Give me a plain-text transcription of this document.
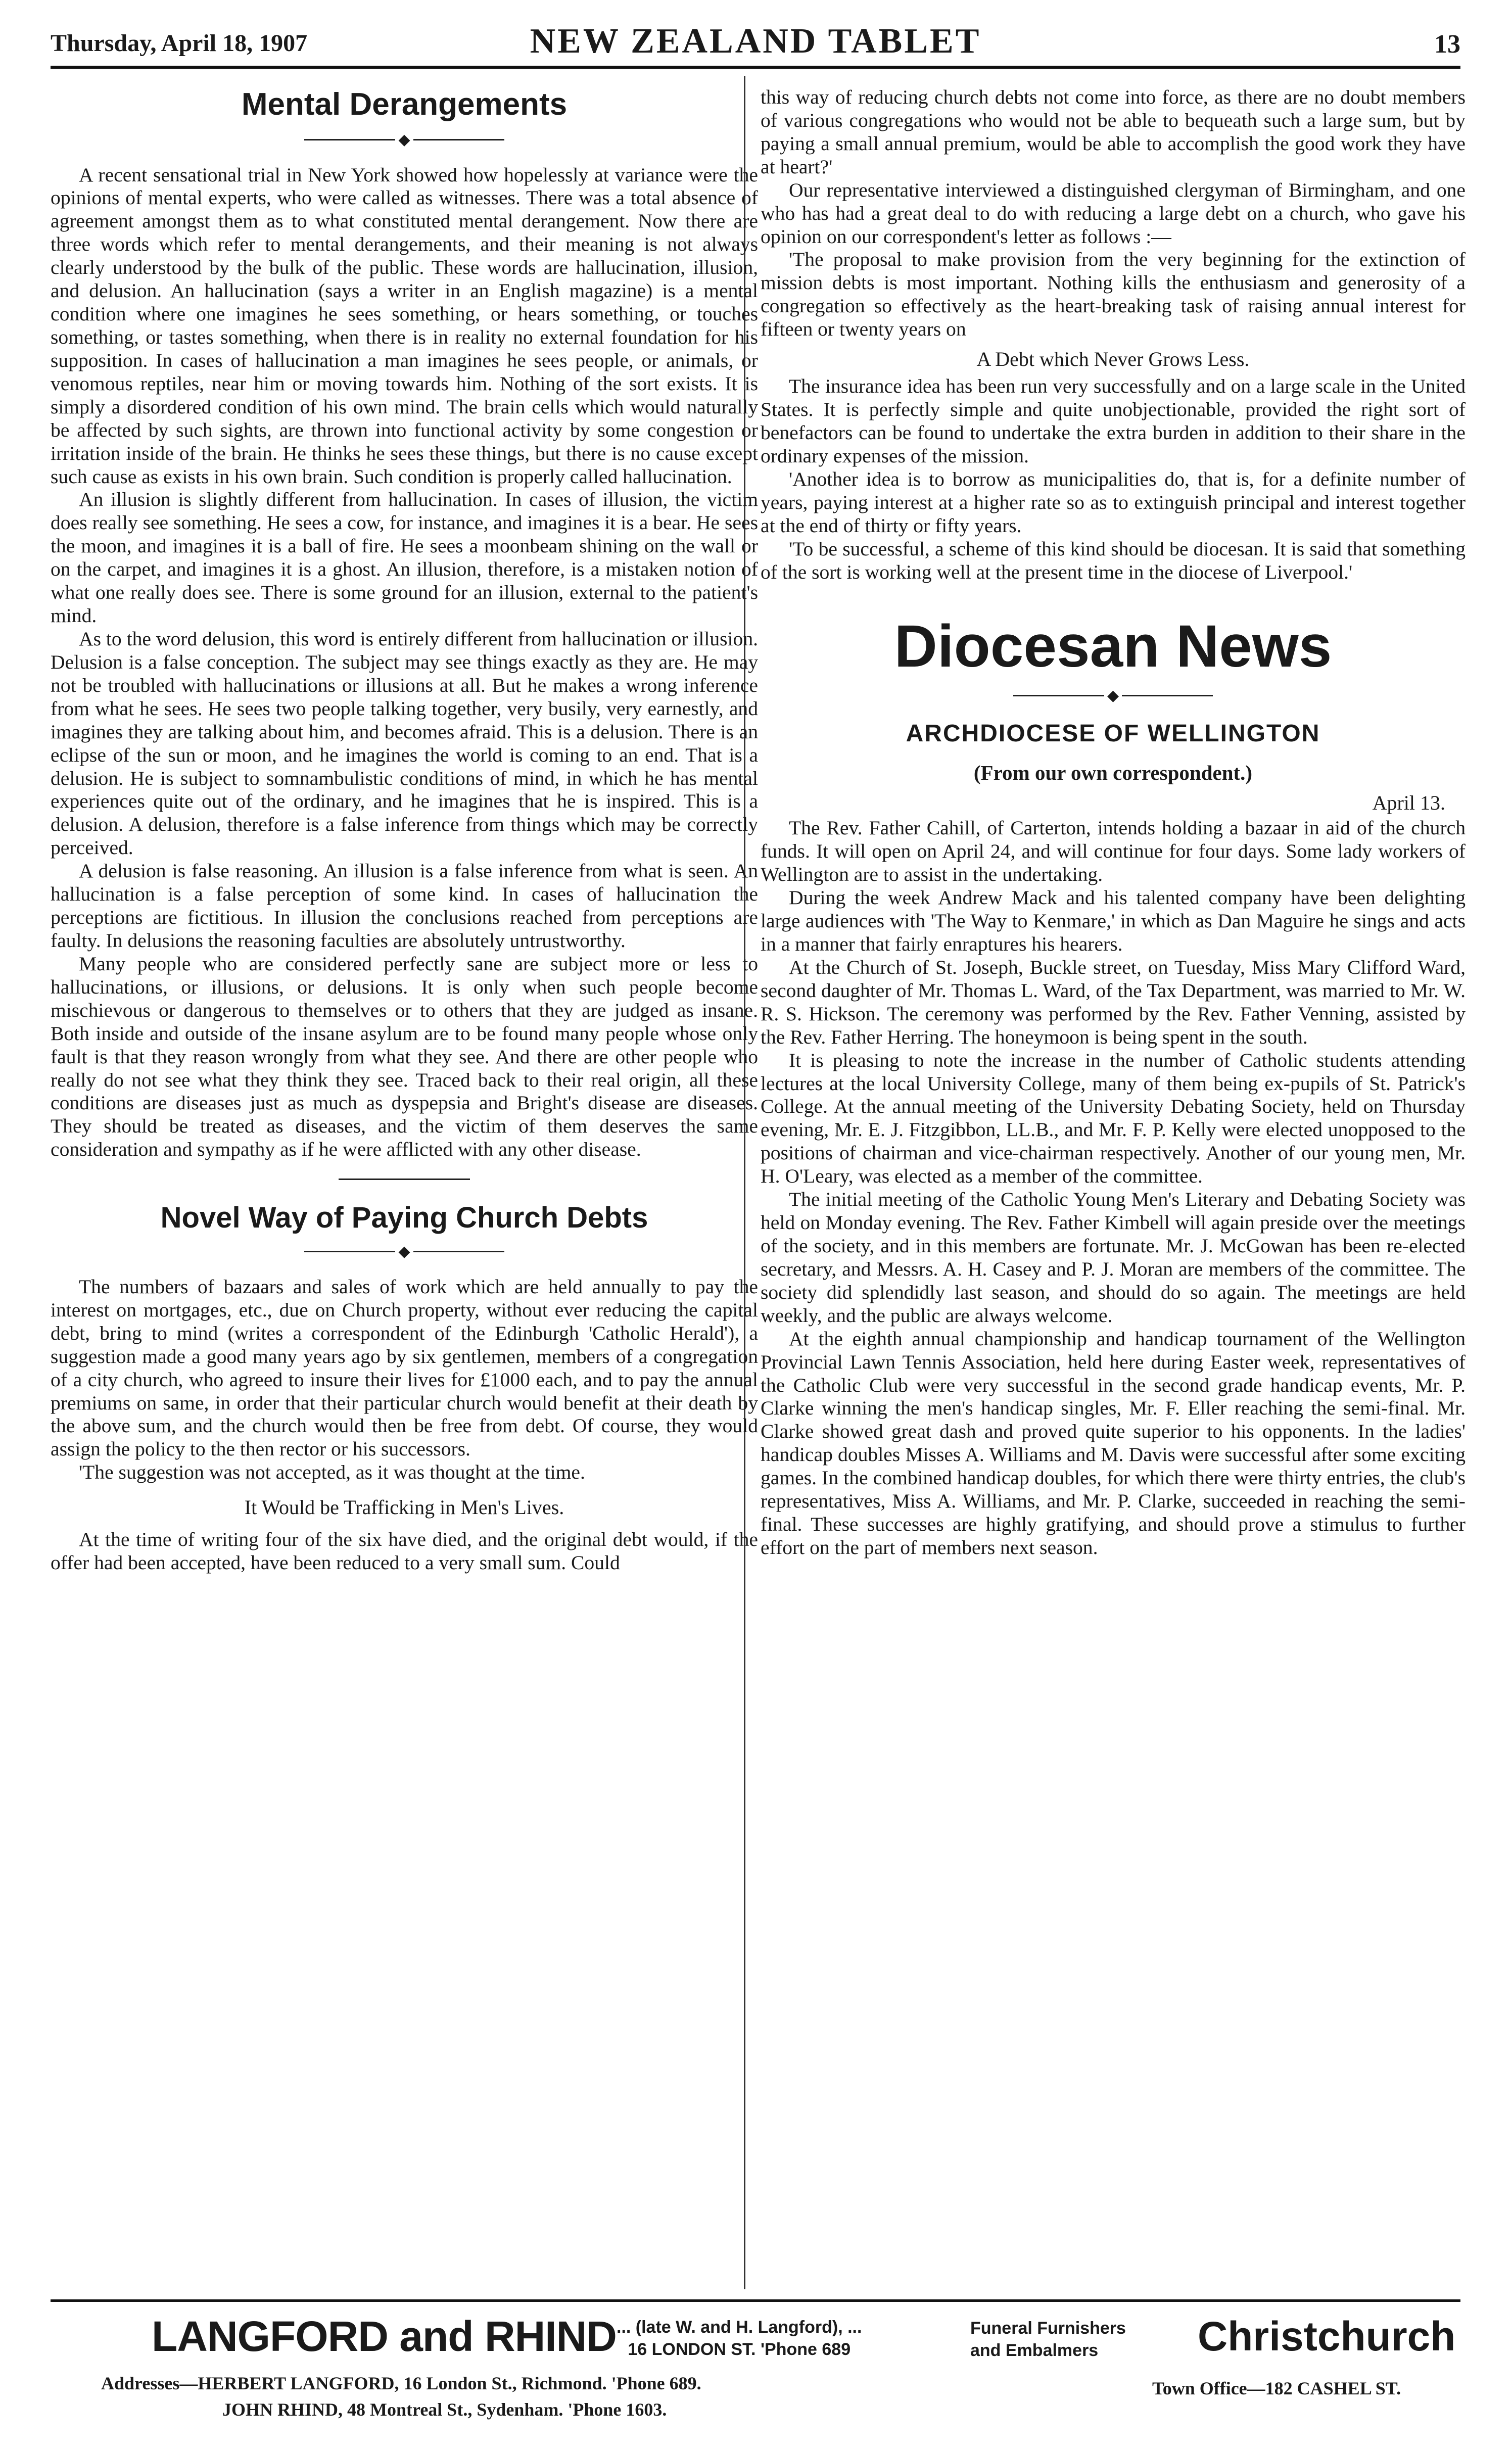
Thursday, April 18, 1907	NEW ZEALAND TABLET	13
Mental Derangements
◆

A recent sensational trial in New York showed how hopelessly at variance were the opinions of mental experts, who were called as witnesses. There was a total absence of agreement amongst them as to what constituted mental derangement. Now there are three words which refer to mental derangements, and their meaning is not always clearly understood by the bulk of the public. These words are hallucination, illusion, and delusion. An hallucination (says a writer in an English magazine) is a mental condition where one imagines he sees something, or hears something, or touches something, or tastes something, when there is in reality no external foundation for his supposition. In cases of hallucination a man imagines he sees people, or animals, or venomous reptiles, near him or moving towards him. Nothing of the sort exists. It is simply a disordered condition of his own mind. The brain cells which would naturally be affected by such sights, are thrown into functional activity by some congestion or irritation inside of the brain. He thinks he sees these things, but there is no cause except such cause as exists in his own brain. Such condition is properly called hallucination.

An illusion is slightly different from hallucination. In cases of illusion, the victim does really see something. He sees a cow, for instance, and imagines it is a bear. He sees the moon, and imagines it is a ball of fire. He sees a moonbeam shining on the wall or on the carpet, and imagines it is a ghost. An illusion, therefore, is a mistaken notion of what one really does see. There is some ground for an illusion, external to the patient's mind.

As to the word delusion, this word is entirely different from hallucination or illusion. Delusion is a false conception. The subject may see things exactly as they are. He may not be troubled with hallucinations or illusions at all. But he makes a wrong inference from what he sees. He sees two people talking together, very busily, very earnestly, and imagines they are talking about him, and becomes afraid. This is a delusion. There is an eclipse of the sun or moon, and he imagines the world is coming to an end. That is a delusion. He is subject to somnambulistic conditions of mind, in which he has mental experiences quite out of the ordinary, and he imagines that he is inspired. This is a delusion. A delusion, therefore is a false inference from things which may be correctly perceived.

A delusion is false reasoning. An illusion is a false inference from what is seen. An hallucination is a false perception of some kind. In cases of hallucination the perceptions are fictitious. In illusion the conclusions reached from perceptions are faulty. In delusions the reasoning faculties are absolutely untrustworthy.

Many people who are considered perfectly sane are subject more or less to hallucinations, or illusions, or delusions. It is only when such people become mischievous or dangerous to themselves or to others that they are judged as insane. Both inside and outside of the insane asylum are to be found many people whose only fault is that they reason wrongly from what they see. And there are other people who really do not see what they think they see. Traced back to their real origin, all these conditions are diseases just as much as dyspepsia and Bright's disease are diseases. They should be treated as diseases, and the victim of them deserves the same consideration and sympathy as if he were afflicted with any other disease.

Novel Way of Paying Church Debts
◆

The numbers of bazaars and sales of work which are held annually to pay the interest on mortgages, etc., due on Church property, without ever reducing the capital debt, bring to mind (writes a correspondent of the Edinburgh 'Catholic Herald'), a suggestion made a good many years ago by six gentlemen, members of a congregation of a city church, who agreed to insure their lives for £1000 each, and to pay the annual premiums on same, in order that their particular church would benefit at their death by the above sum, and the church would then be free from debt. Of course, they would assign the policy to the then rector or his successors.

'The suggestion was not accepted, as it was thought at the time.

It Would be Trafficking in Men's Lives.

At the time of writing four of the six have died, and the original debt would, if the offer had been accepted, have been reduced to a very small sum. Could

this way of reducing church debts not come into force, as there are no doubt members of various congregations who would not be able to bequeath such a large sum, but by paying a small annual premium, would be able to accomplish the good work they have at heart?'

Our representative interviewed a distinguished clergyman of Birmingham, and one who has had a great deal to do with reducing a large debt on a church, who gave his opinion on our correspondent's letter as follows :—

'The proposal to make provision from the very beginning for the extinction of mission debts is most important. Nothing kills the enthusiasm and generosity of a congregation so effectively as the heart-breaking task of raising annual interest for fifteen or twenty years on

A Debt which Never Grows Less.

The insurance idea has been run very successfully and on a large scale in the United States. It is perfectly simple and quite unobjectionable, provided the right sort of benefactors can be found to undertake the extra burden in addition to their share in the ordinary expenses of the mission.

'Another idea is to borrow as municipalities do, that is, for a definite number of years, paying interest at a higher rate so as to extinguish principal and interest together at the end of thirty or fifty years.

'To be successful, a scheme of this kind should be diocesan. It is said that something of the sort is working well at the present time in the diocese of Liverpool.'

Diocesan News
◆
ARCHDIOCESE OF WELLINGTON
(From our own correspondent.)
April 13.

The Rev. Father Cahill, of Carterton, intends holding a bazaar in aid of the church funds. It will open on April 24, and will continue for four days. Some lady workers of Wellington are to assist in the undertaking.

During the week Andrew Mack and his talented company have been delighting large audiences with 'The Way to Kenmare,' in which as Dan Maguire he sings and acts in a manner that fairly enraptures his hearers.

At the Church of St. Joseph, Buckle street, on Tuesday, Miss Mary Clifford Ward, second daughter of Mr. Thomas L. Ward, of the Tax Department, was married to Mr. W. R. S. Hickson. The ceremony was performed by the Rev. Father Venning, assisted by the Rev. Father Herring. The honeymoon is being spent in the south.

It is pleasing to note the increase in the number of Catholic students attending lectures at the local University College, many of them being ex-pupils of St. Patrick's College. At the annual meeting of the University Debating Society, held on Thursday evening, Mr. E. J. Fitzgibbon, LL.B., and Mr. F. P. Kelly were elected unopposed to the positions of chairman and vice-chairman respectively. Another of our young men, Mr. H. O'Leary, was elected as a member of the committee.

The initial meeting of the Catholic Young Men's Literary and Debating Society was held on Monday evening. The Rev. Father Kimbell will again preside over the meetings of the society, and in this members are fortunate. Mr. J. McGowan has been re-elected secretary, and Messrs. A. H. Casey and P. J. Moran are members of the committee. The society did splendidly last season, and should do so again. The meetings are held weekly, and the public are always welcome.

At the eighth annual championship and handicap tournament of the Wellington Provincial Lawn Tennis Association, held here during Easter week, representatives of the Catholic Club were very successful in the second grade handicap events, Mr. P. Clarke winning the men's handicap singles, Mr. F. Eller reaching the semi-final. Mr. Clarke showed great dash and proved quite superior to his opponents. In the ladies' handicap doubles Misses A. Williams and M. Davis were successful after some exciting games. In the combined handicap doubles, for which there were thirty entries, the club's representatives, Miss A. Williams, and Mr. P. Clarke, succeeded in reaching the semi-final. These successes are highly gratifying, and should prove a stimulus to further effort on the part of members next season.

LANGFORD and RHIND ... (late W. and H. Langford), ...
16 LONDON ST. 'Phone 689
Funeral Furnishers
and Embalmers	Christchurch
Addresses—HERBERT LANGFORD, 16 London St., Richmond. 'Phone 689.
JOHN RHIND, 48 Montreal St., Sydenham. 'Phone 1603.
Town Office—182 CASHEL ST.
